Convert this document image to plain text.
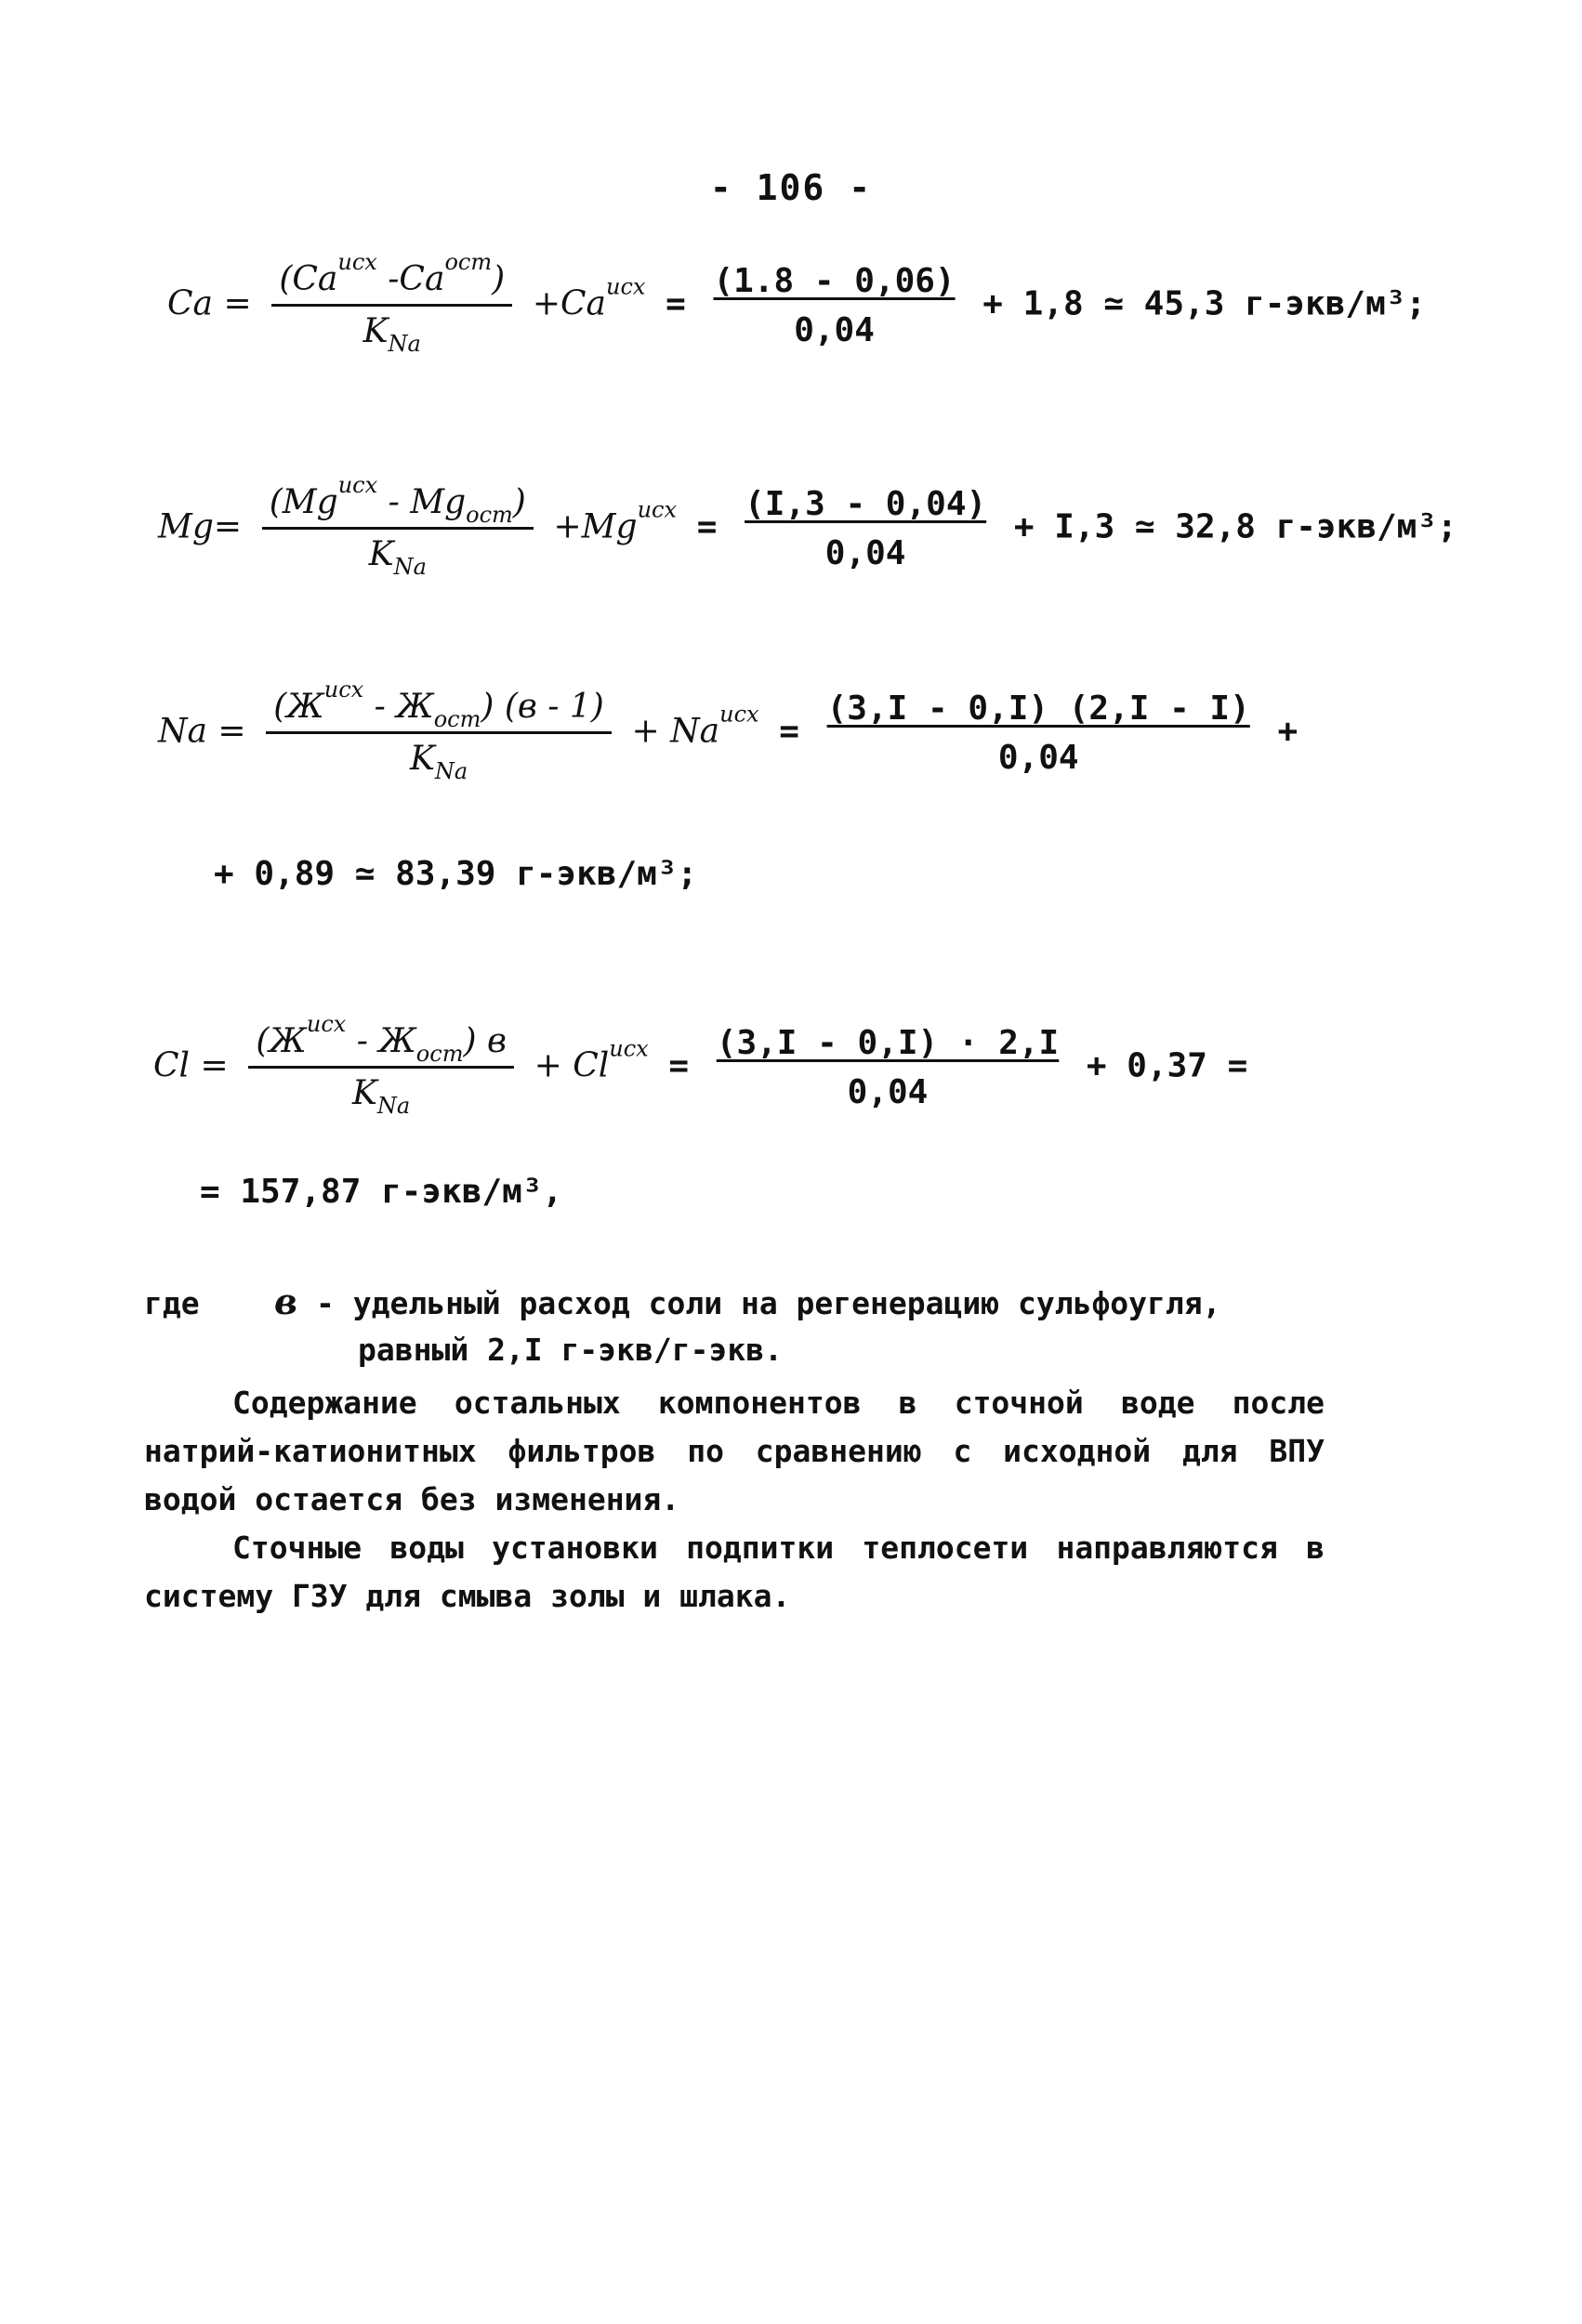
- 106 -
$Ca = \frac{(Ca^{исх} -Ca^{ост})}{K_{Na}} +Ca^{исх}$ =
(1.8 - 0,06)
0,04
+ 1,8 ≃ 45,3 г-экв/м³;
$Mg= \frac{(Mg^{исх} - Mg_{ост})}{K_{Na}} +Mg^{исх}$ =
(I,3 - 0,04)
0,04
+ I,3 ≃ 32,8 г-экв/м³;
$Na = \frac{(Ж^{исх} - Ж_{ост}) (в - 1)}{K_{Na}} + Na^{исх}$ =
(3,I - 0,I) (2,I - I)
0,04
+
+ 0,89 ≃ 83,39 г-экв/м³;
$Cl = \frac{(Ж^{исх} - Ж_{ост}) в}{K_{Na}} + Cl^{исх}$ =
(3,I - 0,I) · 2,I
0,04
+ 0,37 =
= 157,87 г-экв/м³,
где в - удельный расход соли на регенерацию сульфоугля,
равный 2,I г-экв/г-экв.
Содержание остальных компонентов в сточной воде после натрий-катионитных фильтров по сравнению с исходной для ВПУ водой остается без изменения.
Сточные воды установки подпитки теплосети направляются в систему ГЗУ для смыва золы и шлака.
